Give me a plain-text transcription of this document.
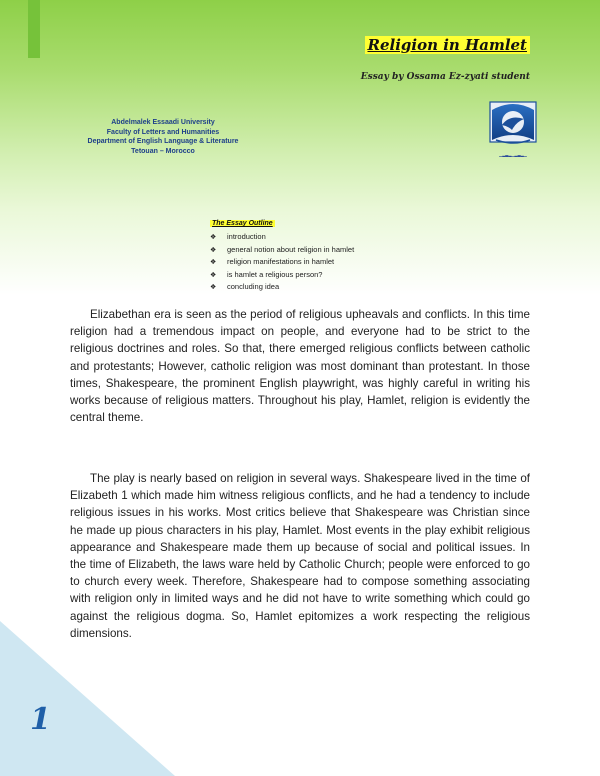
Religion in Hamlet
Essay by Ossama Ez-zyati student
Abdelmalek Essaadi University
Faculty of Letters and Humanities
Department of English Language & Literature
Tetouan – Morocco	▁▂▃▂▁▂▃▂▁
The Essay Outline
❖ introduction
❖ general notion about religion in hamlet
❖ religion manifestations in hamlet
❖ is hamlet a religious person?
❖ concluding idea

Elizabethan era is seen as the period of religious upheavals and conflicts. In this time religion had a tremendous impact on people, and everyone had to be strict to the religious doctrines and roles. So that, there emerged religious conflicts between catholic and protestants; However, catholic religion was most dominant than protestant. In those times, Shakespeare, the prominent English playwright, was highly careful in writing his works because of religious matters. Throughout his play, Hamlet, religion is evidently the central theme.

The play is nearly based on religion in several ways. Shakespeare lived in the time of Elizabeth 1 which made him witness religious conflicts, and he had a tendency to include religious issues in his works. Most critics believe that Shakespeare was Christian since he made up pious characters in his play, Hamlet. Most events in the play exhibit religious appearance and Shakespeare made them up because of social and political issues. In the time of Elizabeth, the laws ware held by Catholic Church; people were enforced to go to church every week. Therefore, Shakespeare had to compose something associating with religion only in limited ways and he did not have to write something which could go against the religious dogma. So, Hamlet epitomizes a work respecting the religious dimensions.

1
